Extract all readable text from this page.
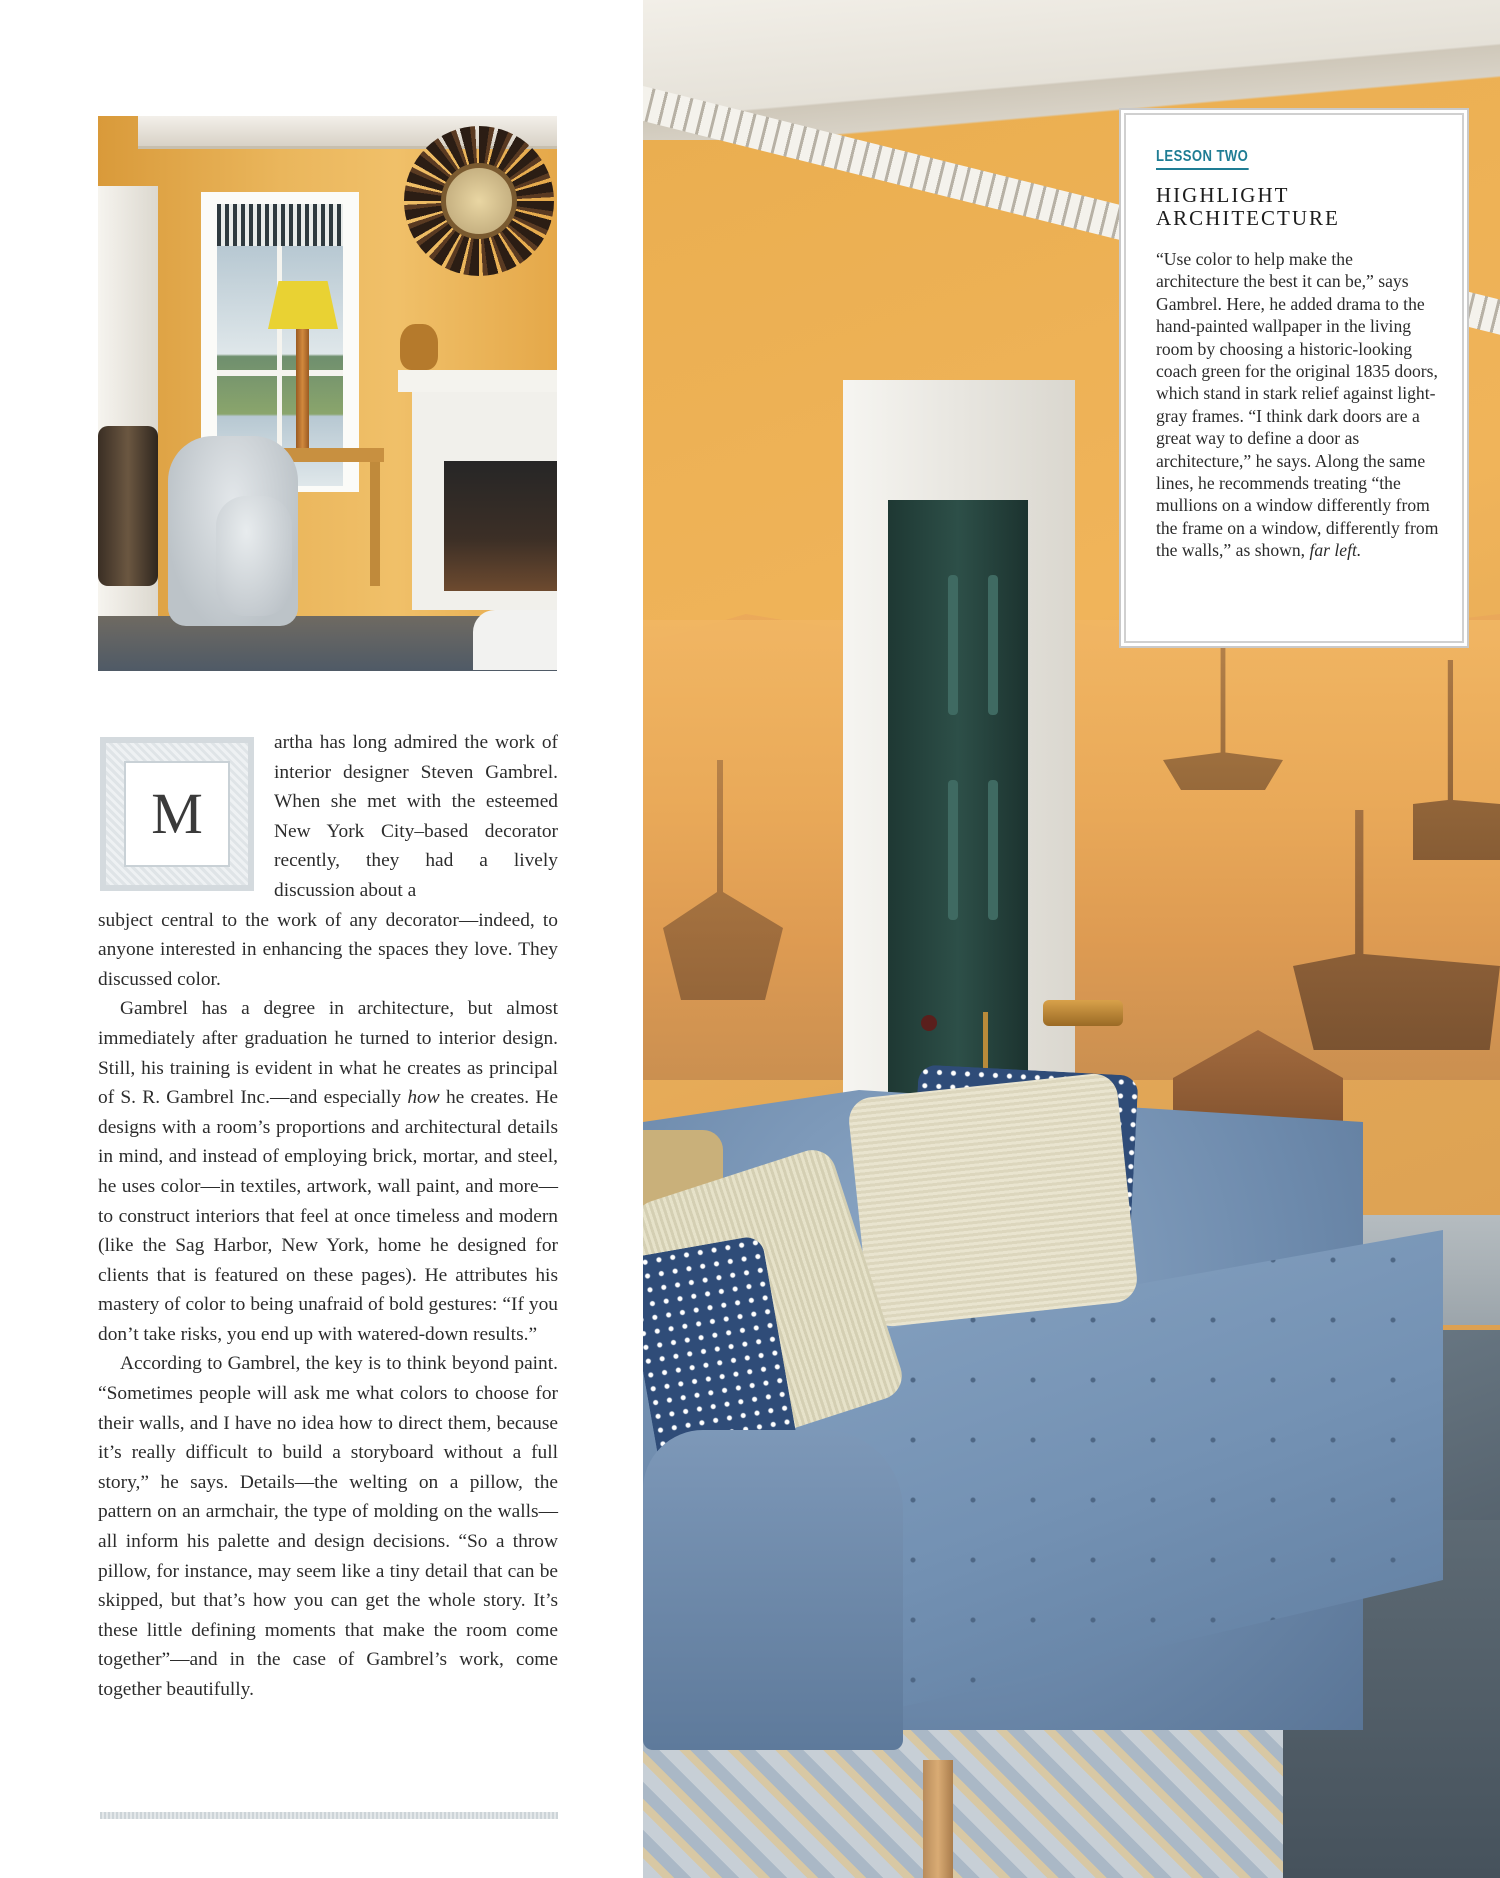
M

artha has long admired the work of interior designer Steven Gambrel. When she met with the esteemed New York City–based decorator recently, they had a lively discussion about a

subject central to the work of any decorator—indeed, to anyone interested in enhancing the spaces they love. They discussed color.

Gambrel has a degree in architecture, but almost immediately after graduation he turned to interior design. Still, his training is evident in what he creates as principal of S. R. Gambrel Inc.—and especially how he creates. He designs with a room’s proportions and architectural details in mind, and instead of employing brick, mortar, and steel, he uses color—in textiles, artwork, wall paint, and more—to construct interiors that feel at once timeless and modern (like the Sag Harbor, New York, home he designed for clients that is featured on these pages). He attributes his mastery of color to being unafraid of bold gestures: “If you don’t take risks, you end up with watered-down results.”

According to Gambrel, the key is to think beyond paint. “Sometimes people will ask me what colors to choose for their walls, and I have no idea how to direct them, because it’s really difficult to build a storyboard without a full story,” he says. Details—the welting on a pillow, the pattern on an armchair, the type of molding on the walls—all inform his palette and design decisions. “So a throw pillow, for instance, may seem like a tiny detail that can be skipped, but that’s how you can get the whole story. It’s these little defining moments that make the room come together”—and in the case of Gambrel’s work, come together beautifully.

LESSON TWO
HIGHLIGHT
ARCHITECTURE

“Use color to help make the architecture the best it can be,” says Gambrel. Here, he added drama to the hand-painted wallpaper in the living room by choosing a historic-looking coach green for the original 1835 doors, which stand in stark relief against light-gray frames. “I think dark doors are a great way to define a door as architecture,” he says. Along the same lines, he recommends treating “the mullions on a window differently from the frame on a window, differently from the walls,” as shown, far left.
